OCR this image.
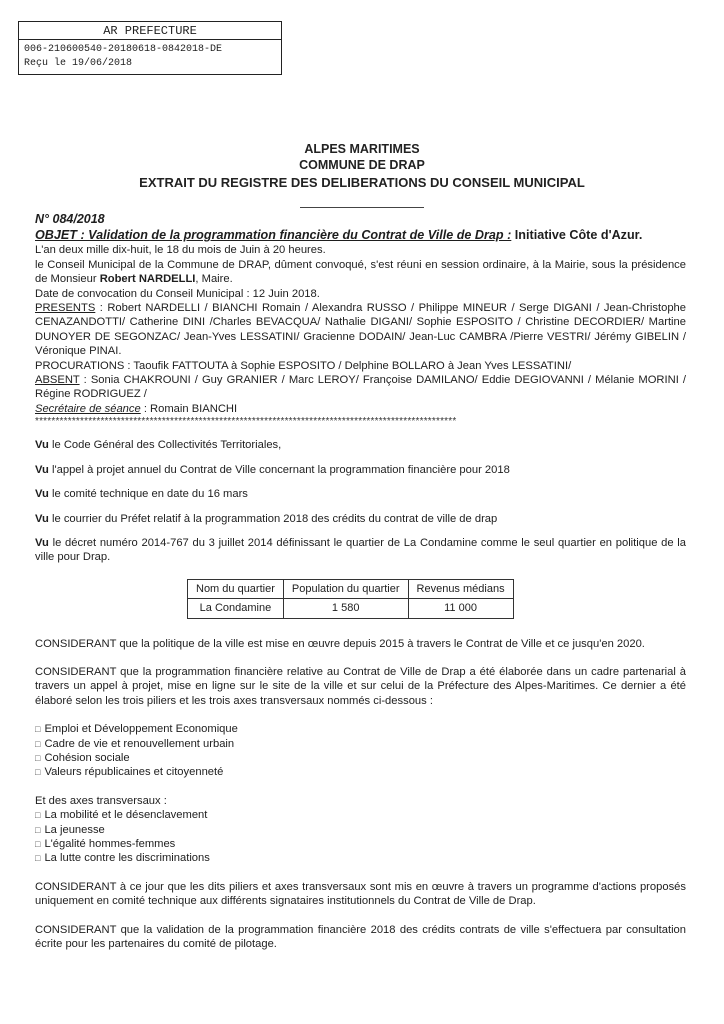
AR PREFECTURE
006-210600540-20180618-0842018-DE
Reçu le 19/06/2018
ALPES MARITIMES
COMMUNE DE DRAP
EXTRAIT DU REGISTRE DES DELIBERATIONS DU CONSEIL MUNICIPAL

N° 084/2018

OBJET : Validation de la programmation financière du Contrat de Ville de Drap : Initiative Côte d'Azur.

L'an deux mille dix-huit, le 18 du mois de Juin à 20 heures.

le Conseil Municipal de la Commune de DRAP, dûment convoqué, s'est réuni en session ordinaire, à la Mairie, sous la présidence de Monsieur Robert NARDELLI, Maire.

Date de convocation du Conseil Municipal : 12 Juin 2018.

PRESENTS : Robert NARDELLI / BIANCHI Romain / Alexandra RUSSO / Philippe MINEUR / Serge DIGANI / Jean-Christophe CENAZANDOTTI/ Catherine DINI /Charles BEVACQUA/ Nathalie DIGANI/ Sophie ESPOSITO / Christine DECORDIER/ Martine DUNOYER DE SEGONZAC/ Jean-Yves LESSATINI/ Gracienne DODAIN/ Jean-Luc CAMBRA /Pierre VESTRI/ Jérémy GIBELIN / Véronique PINAI.

PROCURATIONS : Taoufik FATTOUTA à Sophie ESPOSITO / Delphine BOLLARO à Jean Yves LESSATINI/

ABSENT : Sonia CHAKROUNI / Guy GRANIER / Marc LEROY/ Françoise DAMILANO/ Eddie DEGIOVANNI / Mélanie MORINI / Régine RODRIGUEZ /

Secrétaire de séance : Romain BIANCHI

*******************************************************************************************************

Vu le Code Général des Collectivités Territoriales,

Vu l'appel à projet annuel du Contrat de Ville concernant la programmation financière pour 2018

Vu le comité technique en date du 16 mars

Vu le courrier du Préfet relatif à la programmation 2018 des crédits du contrat de ville de drap

Vu le décret numéro 2014-767 du 3 juillet 2014 définissant le quartier de La Condamine comme le seul quartier en politique de la ville pour Drap.

Nom du quartier	Population du quartier	Revenus médians
La Condamine	1 580	11 000

CONSIDERANT que la politique de la ville est mise en œuvre depuis 2015 à travers le Contrat de Ville et ce jusqu'en 2020.

CONSIDERANT que la programmation financière relative au Contrat de Ville de Drap a été élaborée dans un cadre partenarial à travers un appel à projet, mise en ligne sur le site de la ville et sur celui de la Préfecture des Alpes-Maritimes. Ce dernier a été élaboré selon les trois piliers et les trois axes transversaux nommés ci-dessous :

□ Emploi et Développement Economique
□ Cadre de vie et renouvellement urbain
□ Cohésion sociale
□ Valeurs républicaines et citoyenneté

Et des axes transversaux :

□ La mobilité et le désenclavement
□ La jeunesse
□ L'égalité hommes-femmes
□ La lutte contre les discriminations

CONSIDERANT à ce jour que les dits piliers et axes transversaux sont mis en œuvre à travers un programme d'actions proposés uniquement en comité technique aux différents signataires institutionnels du Contrat de Ville de Drap.

CONSIDERANT que la validation de la programmation financière 2018 des crédits contrats de ville s'effectuera par consultation écrite pour les partenaires du comité de pilotage.
